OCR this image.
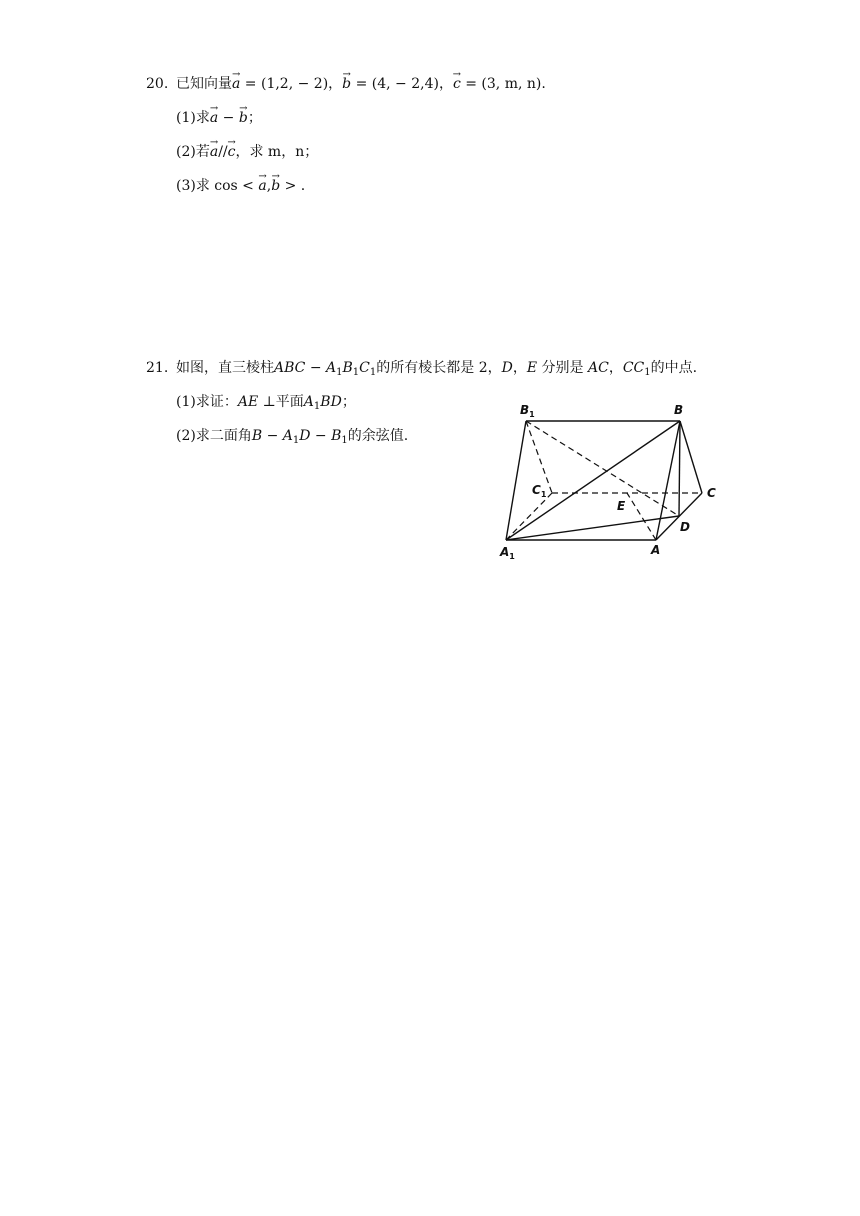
20. 已知向量→ a = (1,2, − 2)，→ b = (4, − 2,4)，→ c = (3, m, n).
(1)求→ a − → b；
(2)若→ a//→ c，求 m，n；
(3)求 cos < → a,→ b > .
21. 如图，直三棱柱ABC − $A_1B_1C_1$的所有棱长都是 2，D，E 分别是 AC，$CC_1$的中点.
(1)求证：AE ⊥平面$A_1BD$；
(2)求二面角$B - A_1D - B_1$的余弦值.
$B_1$	B
$C_1$	C
E
D
$A_1$	A
